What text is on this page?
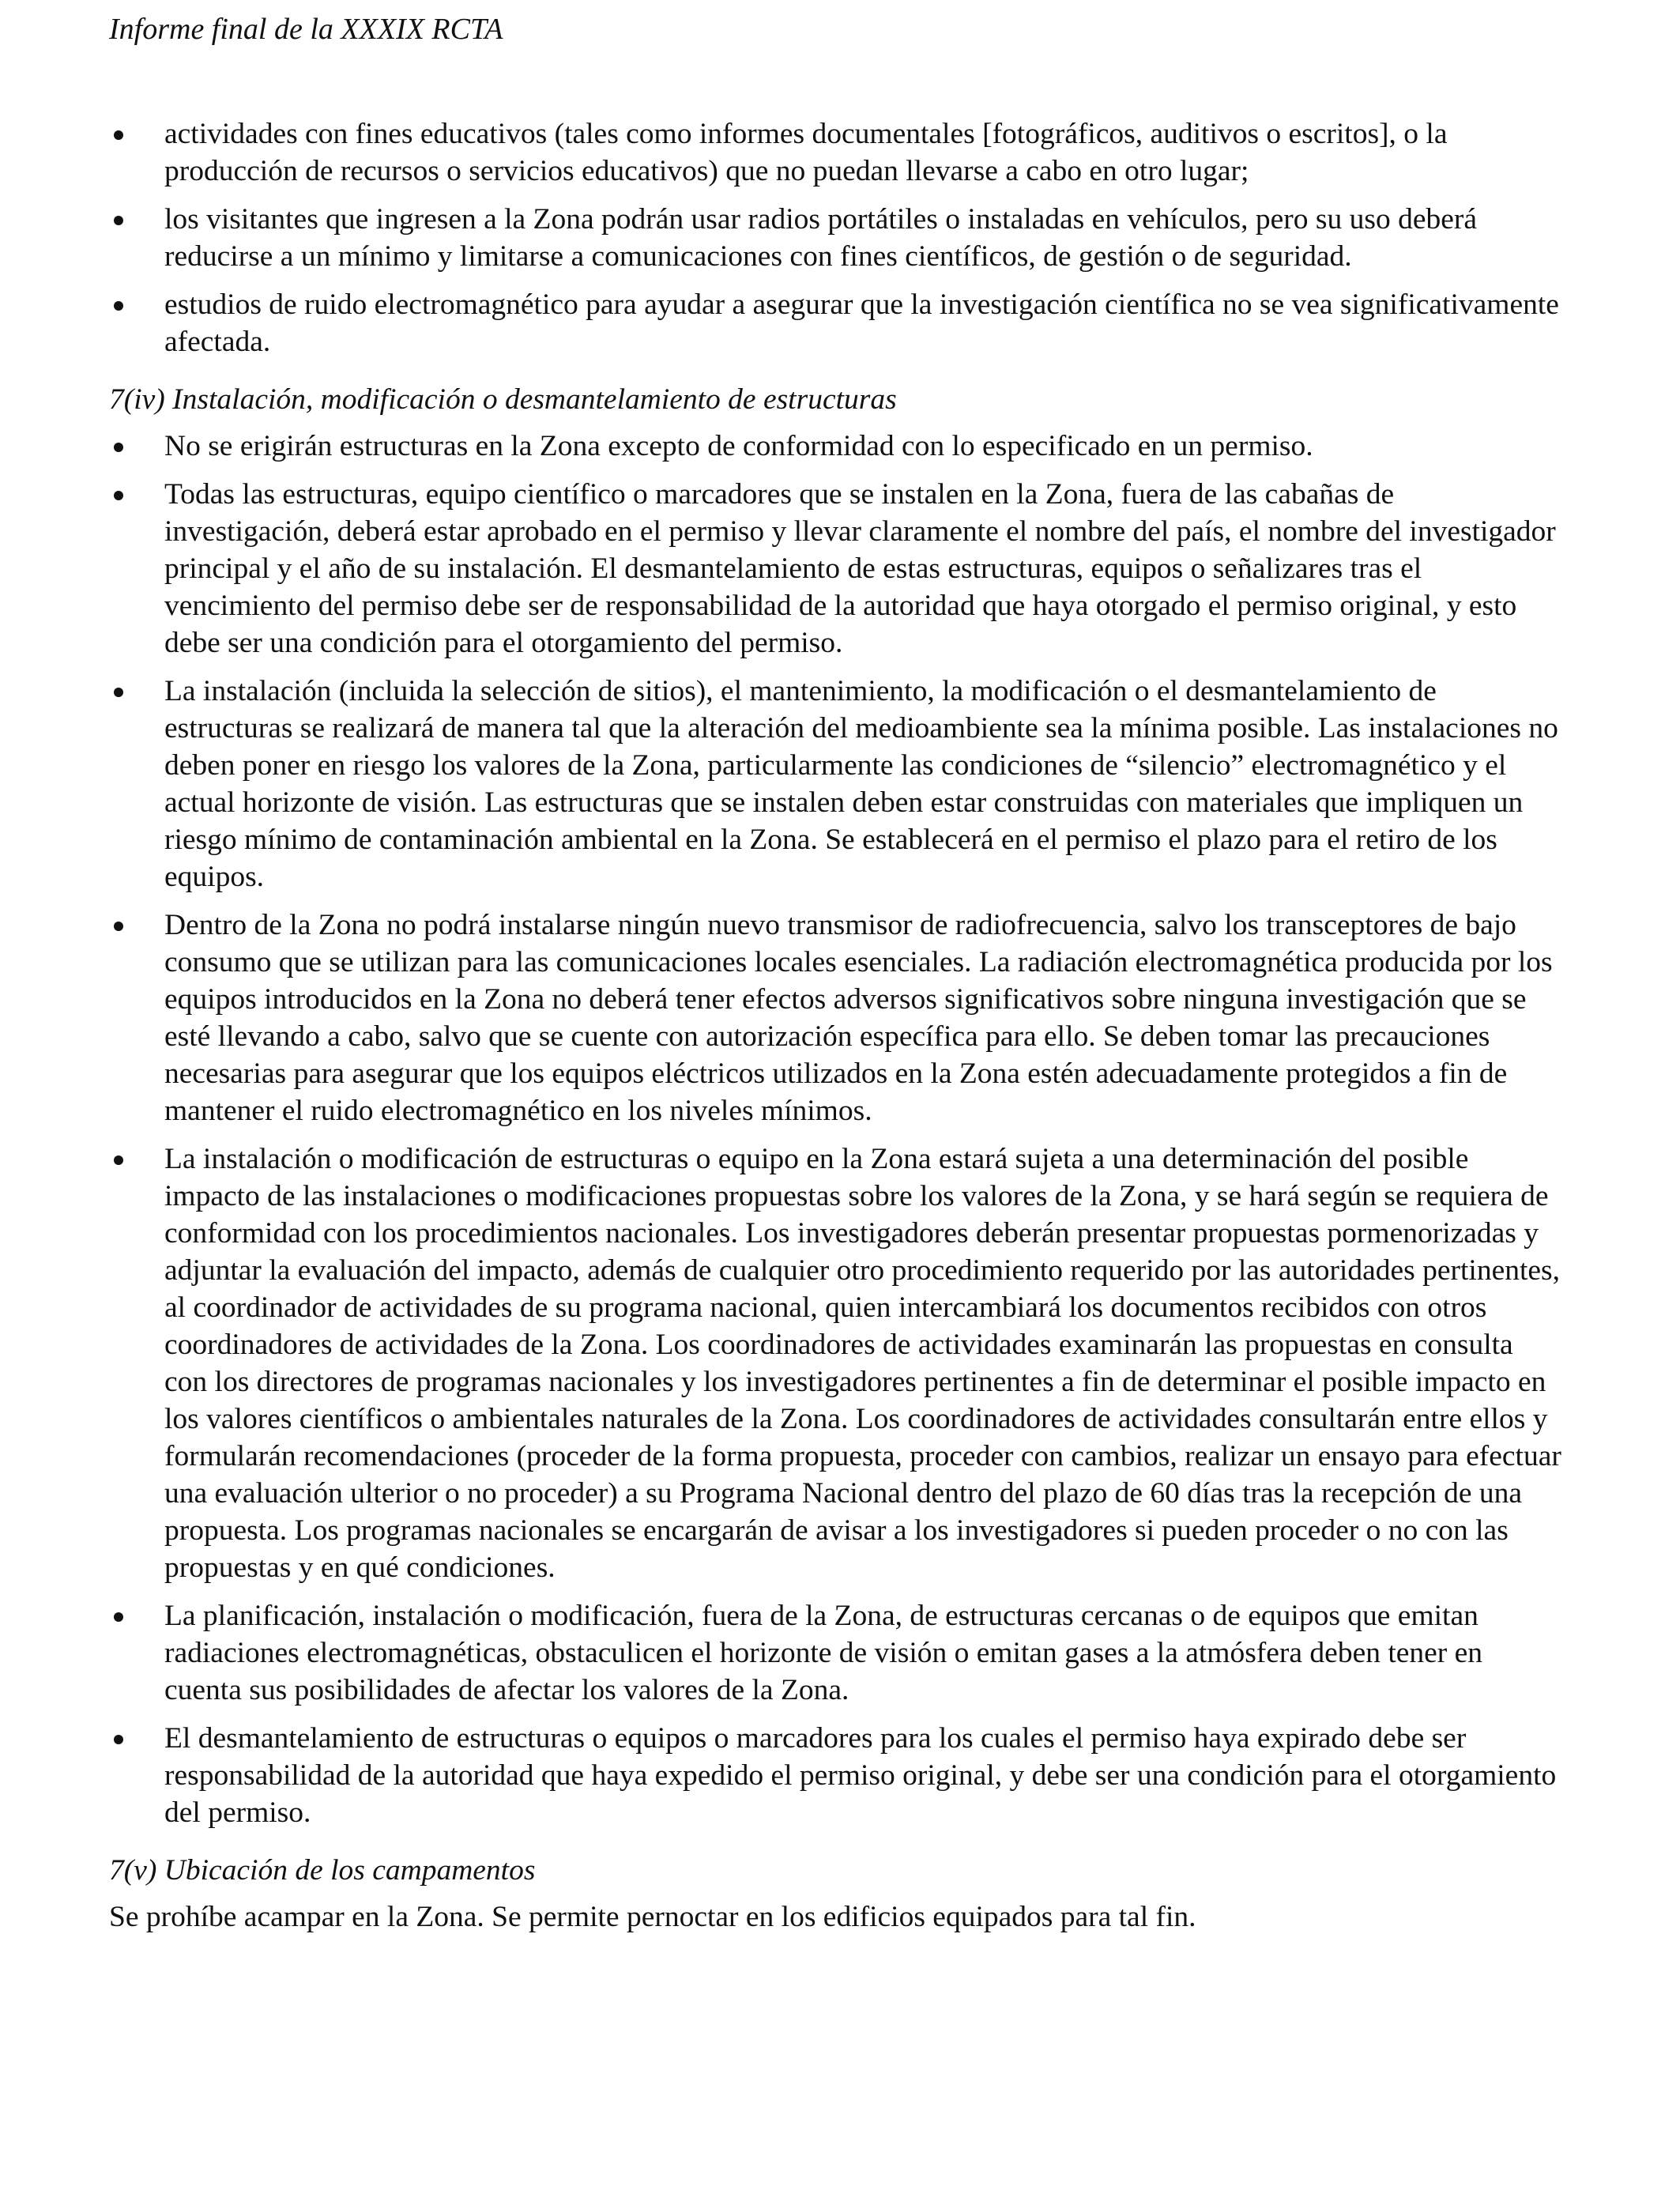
Informe final de la XXXIX RCTA
actividades con fines educativos (tales como informes documentales [fotográficos, auditivos o escritos], o la producción de recursos o servicios educativos) que no puedan llevarse a cabo en otro lugar;
los visitantes que ingresen a la Zona podrán usar radios portátiles o instaladas en vehículos, pero su uso deberá reducirse a un mínimo y limitarse a comunicaciones con fines científicos, de gestión o de seguridad.
estudios de ruido electromagnético para ayudar a asegurar que la investigación científica no se vea significativamente afectada.
7(iv) Instalación, modificación o desmantelamiento de estructuras
No se erigirán estructuras en la Zona excepto de conformidad con lo especificado en un permiso.
Todas las estructuras, equipo científico o marcadores que se instalen en la Zona, fuera de las cabañas de investigación, deberá estar aprobado en el permiso y llevar claramente el nombre del país, el nombre del investigador principal y el año de su instalación. El desmantelamiento de estas estructuras, equipos o señalizares tras el vencimiento del permiso debe ser de responsabilidad de la autoridad que haya otorgado el permiso original, y esto debe ser una condición para el otorgamiento del permiso.
La instalación (incluida la selección de sitios), el mantenimiento, la modificación o el desmantelamiento de estructuras se realizará de manera tal que la alteración del medioambiente sea la mínima posible. Las instalaciones no deben poner en riesgo los valores de la Zona, particularmente las condiciones de “silencio” electromagnético y el actual horizonte de visión. Las estructuras que se instalen deben estar construidas con materiales que impliquen un riesgo mínimo de contaminación ambiental en la Zona. Se establecerá en el permiso el plazo para el retiro de los equipos.
Dentro de la Zona no podrá instalarse ningún nuevo transmisor de radiofrecuencia, salvo los transceptores de bajo consumo que se utilizan para las comunicaciones locales esenciales. La radiación electromagnética producida por los equipos introducidos en la Zona no deberá tener efectos adversos significativos sobre ninguna investigación que se esté llevando a cabo, salvo que se cuente con autorización específica para ello. Se deben tomar las precauciones necesarias para asegurar que los equipos eléctricos utilizados en la Zona estén adecuadamente protegidos a fin de mantener el ruido electromagnético en los niveles mínimos.
La instalación o modificación de estructuras o equipo en la Zona estará sujeta a una determinación del posible impacto de las instalaciones o modificaciones propuestas sobre los valores de la Zona, y se hará según se requiera de conformidad con los procedimientos nacionales. Los investigadores deberán presentar propuestas pormenorizadas y adjuntar la evaluación del impacto, además de cualquier otro procedimiento requerido por las autoridades pertinentes, al coordinador de actividades de su programa nacional, quien intercambiará los documentos recibidos con otros coordinadores de actividades de la Zona. Los coordinadores de actividades examinarán las propuestas en consulta con los directores de programas nacionales y los investigadores pertinentes a fin de determinar el posible impacto en los valores científicos o ambientales naturales de la Zona. Los coordinadores de actividades consultarán entre ellos y formularán recomendaciones (proceder de la forma propuesta, proceder con cambios, realizar un ensayo para efectuar una evaluación ulterior o no proceder) a su Programa Nacional dentro del plazo de 60 días tras la recepción de una propuesta. Los programas nacionales se encargarán de avisar a los investigadores si pueden proceder o no con las propuestas y en qué condiciones.
La planificación, instalación o modificación, fuera de la Zona, de estructuras cercanas o de equipos que emitan radiaciones electromagnéticas, obstaculicen el horizonte de visión o emitan gases a la atmósfera deben tener en cuenta sus posibilidades de afectar los valores de la Zona.
El desmantelamiento de estructuras o equipos o marcadores para los cuales el permiso haya expirado debe ser responsabilidad de la autoridad que haya expedido el permiso original, y debe ser una condición para el otorgamiento del permiso.
7(v) Ubicación de los campamentos

Se prohíbe acampar en la Zona. Se permite pernoctar en los edificios equipados para tal fin.
